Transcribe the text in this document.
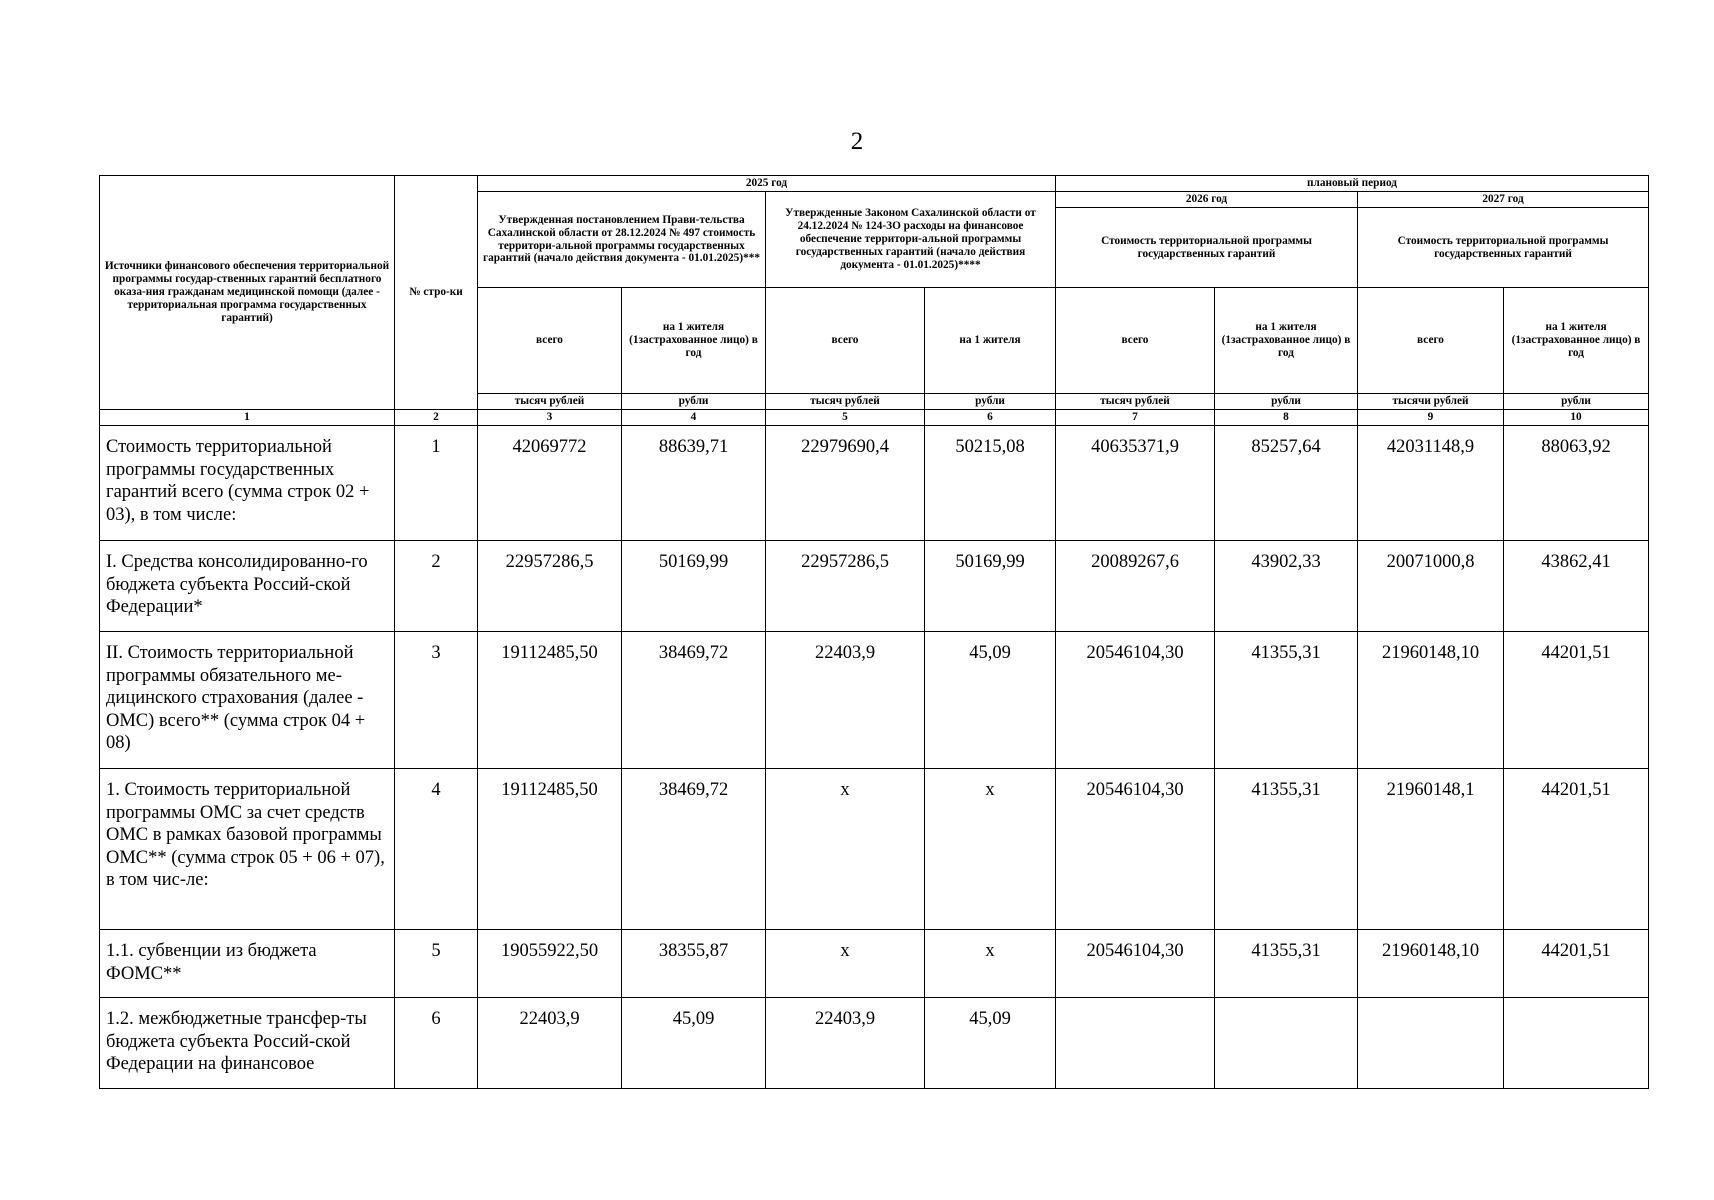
2
Источники финансового обеспечения территориальной программы государ-ственных гарантий бесплатного оказа-ния гражданам медицинской помощи (далее - территориальная программа государственных гарантий)	№ стро-ки	2025 год				плановый период			
		Утвержденная постановлением Прави-тельства Сахалинской области от 28.12.2024 № 497 стоимость территори-альной программы государственных гарантий (начало действия документа - 01.01.2025)***		Утвержденные Законом Сахалинской области от 24.12.2024 № 124-ЗО расходы на финансовое обеспечение территори-альной программы государственных гарантий (начало действия документа - 01.01.2025)****		2026 год		2027 год	
						Стоимость территориальной программы государственных гарантий		Стоимость территориальной программы государственных гарантий	
		всего	на 1 жителя (1застрахованное лицо) в год	всего	на 1 жителя	всего	на 1 жителя (1застрахованное лицо) в год	всего	на 1 жителя (1застрахованное лицо) в год
		тысяч рублей	рубли	тысяч рублей	рубли	тысяч рублей	рубли	тысячи рублей	рубли
1	2	3	4	5	6	7	8	9	10
Стоимость территориальной программы государственных гарантий всего (сумма строк 02 + 03), в том числе:	1	42069772	88639,71	22979690,4	50215,08	40635371,9	85257,64	42031148,9	88063,92
I. Средства консолидированно-го бюджета субъекта Россий-ской Федерации*	2	22957286,5	50169,99	22957286,5	50169,99	20089267,6	43902,33	20071000,8	43862,41
II. Стоимость территориальной программы обязательного ме-дицинского страхования (далее - ОМС) всего** (сумма строк 04 + 08)	3	19112485,50	38469,72	22403,9	45,09	20546104,30	41355,31	21960148,10	44201,51
1. Стоимость территориальной программы ОМС за счет средств ОМС в рамках базовой программы ОМС** (сумма строк 05 + 06 + 07), в том чис-ле:	4	19112485,50	38469,72	x	x	20546104,30	41355,31	21960148,1	44201,51
1.1. субвенции из бюджета ФОМС**	5	19055922,50	38355,87	x	x	20546104,30	41355,31	21960148,10	44201,51
1.2. межбюджетные трансфер-ты бюджета субъекта Россий-ской Федерации на финансовое	6	22403,9	45,09	22403,9	45,09				
